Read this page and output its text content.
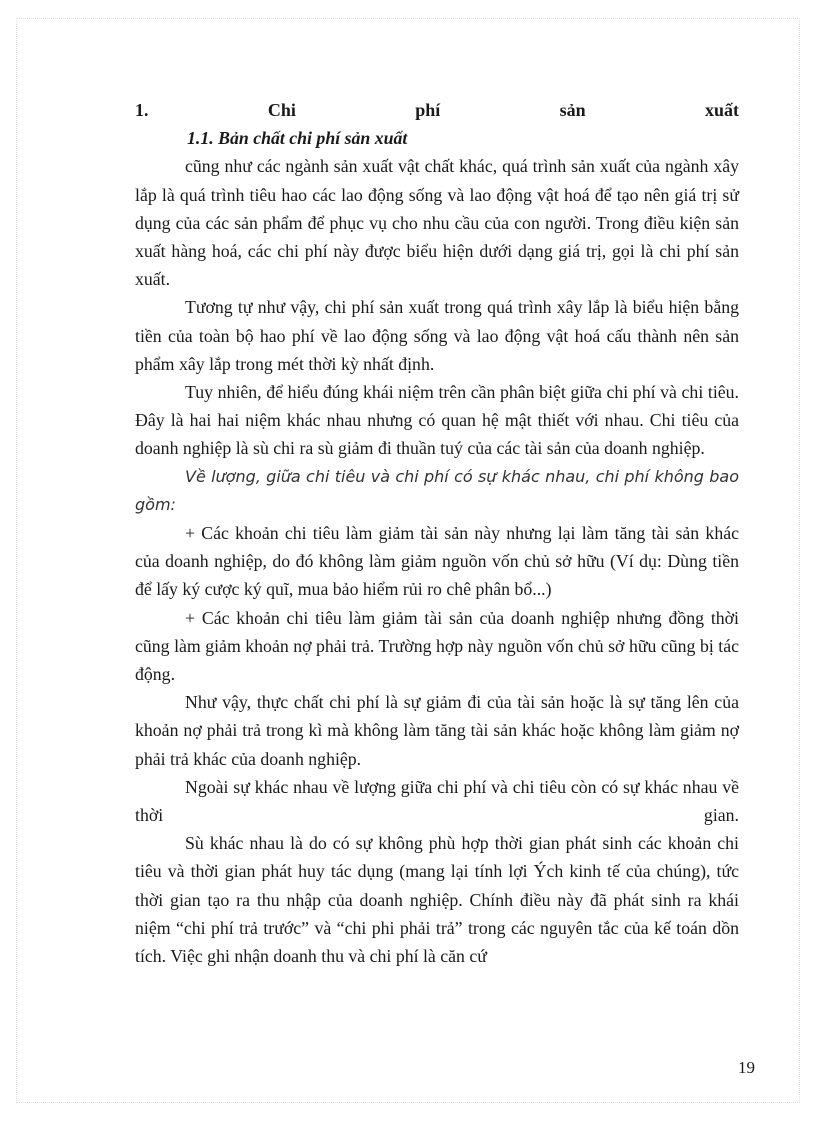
1.	Chi	phí	sản	xuất
1.1. Bản chất chi phí sản xuất

cũng như các ngành sản xuất vật chất khác, quá trình sản xuất của ngành xây lắp là quá trình tiêu hao các lao động sống và lao động vật hoá để tạo nên giá trị sử dụng của các sản phẩm để phục vụ cho nhu cầu của con người. Trong điều kiện sản xuất hàng hoá, các chi phí này được biểu hiện dưới dạng giá trị, gọi là chi phí sản xuất.

Tương tự như vậy, chi phí sản xuất trong quá trình xây lắp là biểu hiện bằng tiền của toàn bộ hao phí về lao động sống và lao động vật hoá cấu thành nên sản phẩm xây lắp trong mét thời kỳ nhất định.

Tuy nhiên, để hiểu đúng khái niệm trên cần phân biệt giữa chi phí và chi tiêu. Đây là hai hai niệm khác nhau nhưng có quan hệ mật thiết với nhau. Chi tiêu của doanh nghiệp là sù chi ra sù giảm đi thuần tuý của các tài sản của doanh nghiệp.

Về lượng, giữa chi tiêu và chi phí có sự khác nhau, chi phí không bao gồm:

+ Các khoản chi tiêu làm giảm tài sản này nhưng lại làm tăng tài sản khác của doanh nghiệp, do đó không làm giảm nguồn vốn chủ sở hữu (Ví dụ: Dùng tiền để lấy ký cược ký quĩ, mua bảo hiểm rủi ro chê phân bổ...)

+ Các khoản chi tiêu làm giảm tài sản của doanh nghiệp nhưng đồng thời cũng làm giảm khoản nợ phải trả. Trường hợp này nguồn vốn chủ sở hữu cũng bị tác động.

Như vậy, thực chất chi phí là sự giảm đi của tài sản hoặc là sự tăng lên của khoản nợ phải trả trong kì mà không làm tăng tài sản khác hoặc không làm giảm nợ phải trả khác của doanh nghiệp.

Ngoài sự khác nhau về lượng giữa chi phí và chi tiêu còn có sự khác nhau về thời gian.

Sù khác nhau là do có sự không phù hợp thời gian phát sinh các khoản chi tiêu và thời gian phát huy tác dụng (mang lại tính lợi Ých kinh tế của chúng), tức thời gian tạo ra thu nhập của doanh nghiệp. Chính điều này đã phát sinh ra khái niệm “chi phí trả trước” và “chi phi phải trả” trong các nguyên tắc của kế toán dồn tích. Việc ghi nhận doanh thu và chi phí là căn cứ

19
